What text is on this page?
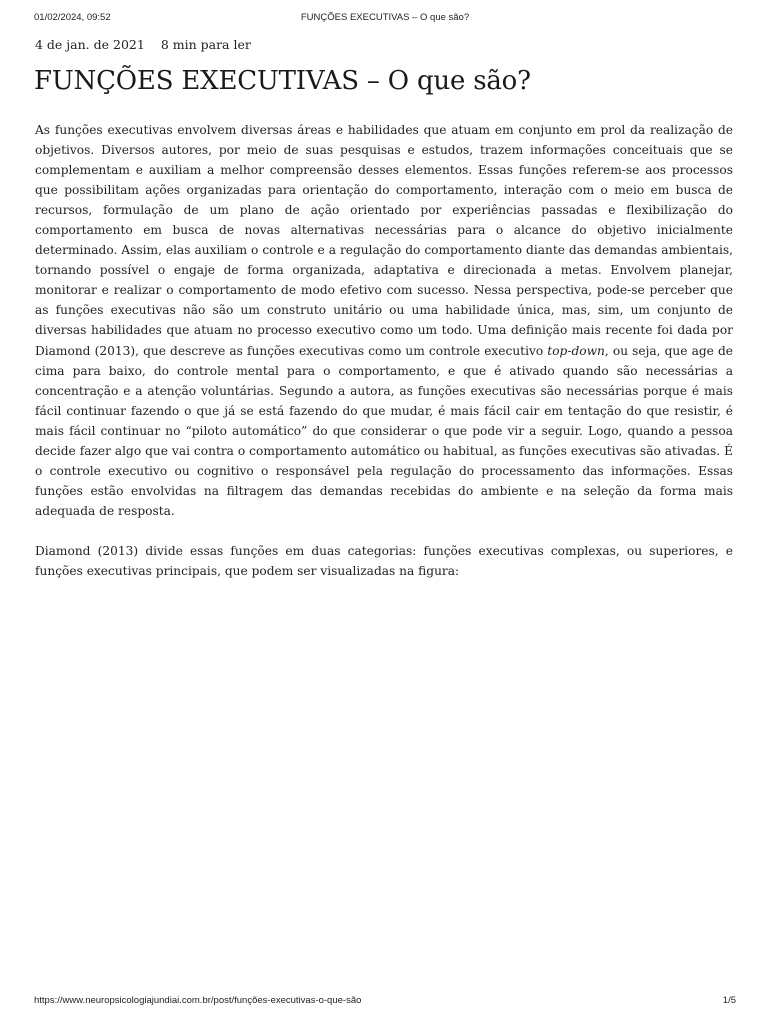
01/02/2024, 09:52	FUNÇÕES EXECUTIVAS – O que são?
4 de jan. de 2021 8 min para ler
FUNÇÕES EXECUTIVAS – O que são?

As funções executivas envolvem diversas áreas e habilidades que atuam em conjunto em prol da realização de objetivos. Diversos autores, por meio de suas pesquisas e estudos, trazem informações conceituais que se complementam e auxiliam a melhor compreensão desses elementos. Essas funções referem-se aos processos que possibilitam ações organizadas para orientação do comportamento, interação com o meio em busca de recursos, formulação de um plano de ação orientado por experiências passadas e flexibilização do comportamento em busca de novas alternativas necessárias para o alcance do objetivo inicialmente determinado. Assim, elas auxiliam o controle e a regulação do comportamento diante das demandas ambientais, tornando possível o engaje de forma organizada, adaptativa e direcionada a metas. Envolvem planejar, monitorar e realizar o comportamento de modo efetivo com sucesso. Nessa perspectiva, pode-se perceber que as funções executivas não são um construto unitário ou uma habilidade única, mas, sim, um conjunto de diversas habilidades que atuam no processo executivo como um todo. Uma definição mais recente foi dada por Diamond (2013), que descreve as funções executivas como um controle executivo top-down, ou seja, que age de cima para baixo, do controle mental para o comportamento, e que é ativado quando são necessárias a concentração e a atenção voluntárias. Segundo a autora, as funções executivas são necessárias porque é mais fácil continuar fazendo o que já se está fazendo do que mudar, é mais fácil cair em tentação do que resistir, é mais fácil continuar no “piloto automático” do que considerar o que pode vir a seguir. Logo, quando a pessoa decide fazer algo que vai contra o comportamento automático ou habitual, as funções executivas são ativadas. É o controle executivo ou cognitivo o responsável pela regulação do processamento das informações. Essas funções estão envolvidas na filtragem das demandas recebidas do ambiente e na seleção da forma mais adequada de resposta.

Diamond (2013) divide essas funções em duas categorias: funções executivas complexas, ou superiores, e funções executivas principais, que podem ser visualizadas na figura:

https://www.neuropsicologiajundiai.com.br/post/funções-executivas-o-que-são	1/5
